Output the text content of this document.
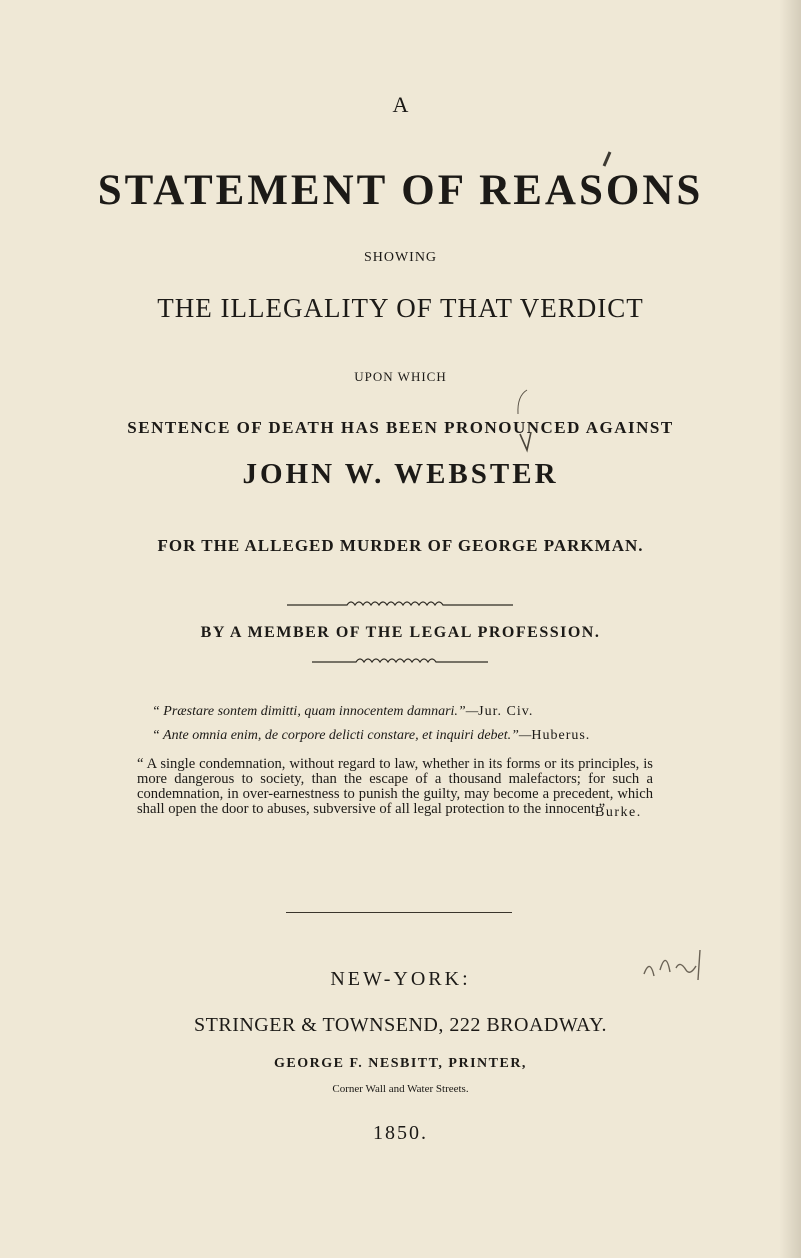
A
STATEMENT OF REASONS
SHOWING
THE ILLEGALITY OF THAT VERDICT
UPON WHICH
SENTENCE OF DEATH HAS BEEN PRONOUNCED AGAINST
JOHN W. WEBSTER
FOR THE ALLEGED MURDER OF GEORGE PARKMAN.
BY A MEMBER OF THE LEGAL PROFESSION.
“ Præstare sontem dimitti, quam innocentem damnari.”—Jur. Civ.
“ Ante omnia enim, de corpore delicti constare, et inquiri debet.”—Huberus.
“ A single condemnation, without regard to law, whether in its forms or its principles, is more dangerous to society, than the escape of a thousand malefactors; for such a condemnation, in over-earnestness to punish the guilty, may become a precedent, which shall open the door to abuses, subversive of all legal protection to the innocent.”
Burke.
NEW-YORK:
STRINGER & TOWNSEND, 222 BROADWAY.
GEORGE F. NESBITT, PRINTER,
Corner Wall and Water Streets.
1850.
